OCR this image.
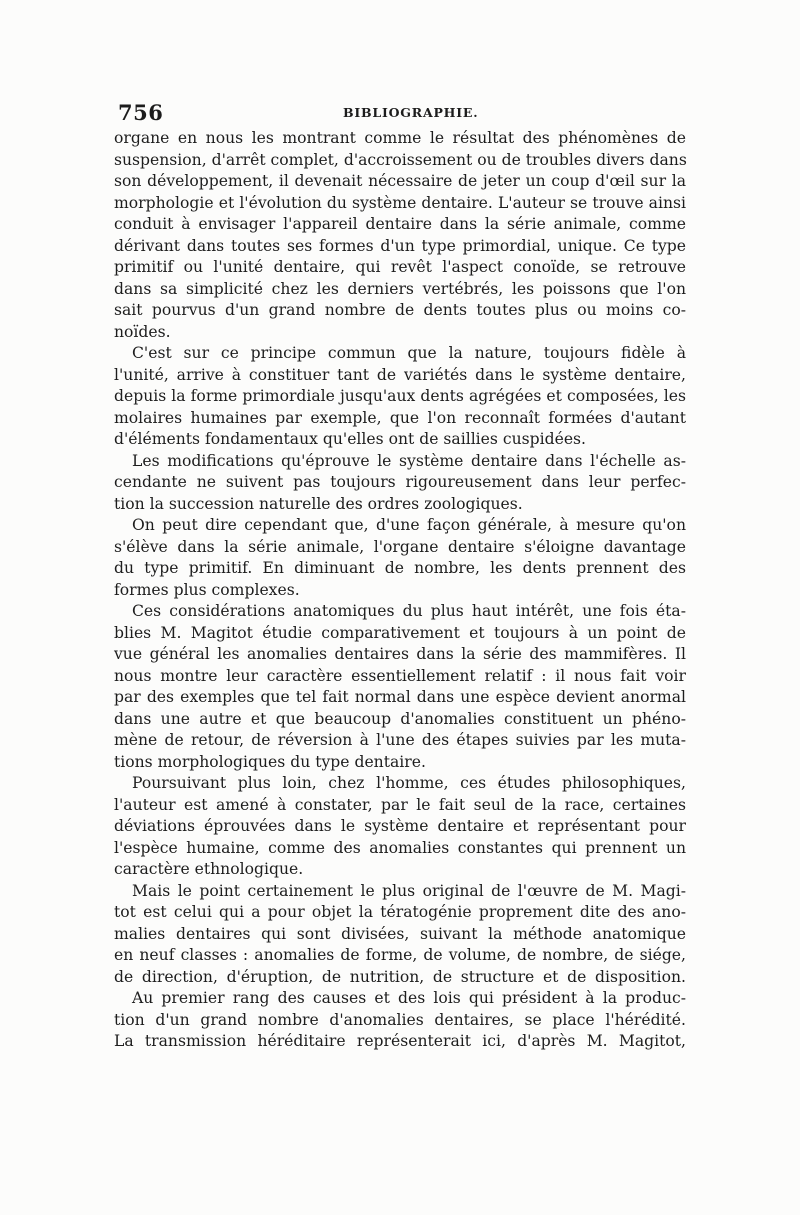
756	BIBLIOGRAPHIE.

organe en nous les montrant comme le résultat des phénomènes de
suspension, d'arrêt complet, d'accroissement ou de troubles divers dans
son développement, il devenait nécessaire de jeter un coup d'œil sur la
morphologie et l'évolution du système dentaire. L'auteur se trouve ainsi
conduit à envisager l'appareil dentaire dans la série animale, comme
dérivant dans toutes ses formes d'un type primordial, unique. Ce type
primitif ou l'unité dentaire, qui revêt l'aspect conoïde, se retrouve
dans sa simplicité chez les derniers vertébrés, les poissons que l'on
sait pourvus d'un grand nombre de dents toutes plus ou moins co-
noïdes.

C'est sur ce principe commun que la nature, toujours fidèle à
l'unité, arrive à constituer tant de variétés dans le système dentaire,
depuis la forme primordiale jusqu'aux dents agrégées et composées, les
molaires humaines par exemple, que l'on reconnaît formées d'autant
d'éléments fondamentaux qu'elles ont de saillies cuspidées.

Les modifications qu'éprouve le système dentaire dans l'échelle as-
cendante ne suivent pas toujours rigoureusement dans leur perfec-
tion la succession naturelle des ordres zoologiques.

On peut dire cependant que, d'une façon générale, à mesure qu'on
s'élève dans la série animale, l'organe dentaire s'éloigne davantage
du type primitif. En diminuant de nombre, les dents prennent des
formes plus complexes.

Ces considérations anatomiques du plus haut intérêt, une fois éta-
blies M. Magitot étudie comparativement et toujours à un point de
vue général les anomalies dentaires dans la série des mammifères. Il
nous montre leur caractère essentiellement relatif : il nous fait voir
par des exemples que tel fait normal dans une espèce devient anormal
dans une autre et que beaucoup d'anomalies constituent un phéno-
mène de retour, de réversion à l'une des étapes suivies par les muta-
tions morphologiques du type dentaire.

Poursuivant plus loin, chez l'homme, ces études philosophiques,
l'auteur est amené à constater, par le fait seul de la race, certaines
déviations éprouvées dans le système dentaire et représentant pour
l'espèce humaine, comme des anomalies constantes qui prennent un
caractère ethnologique.

Mais le point certainement le plus original de l'œuvre de M. Magi-
tot est celui qui a pour objet la tératogénie proprement dite des ano-
malies dentaires qui sont divisées, suivant la méthode anatomique
en neuf classes : anomalies de forme, de volume, de nombre, de siége,
de direction, d'éruption, de nutrition, de structure et de disposition.

Au premier rang des causes et des lois qui président à la produc-
tion d'un grand nombre d'anomalies dentaires, se place l'hérédité.
La transmission héréditaire représenterait ici, d'après M. Magitot,
